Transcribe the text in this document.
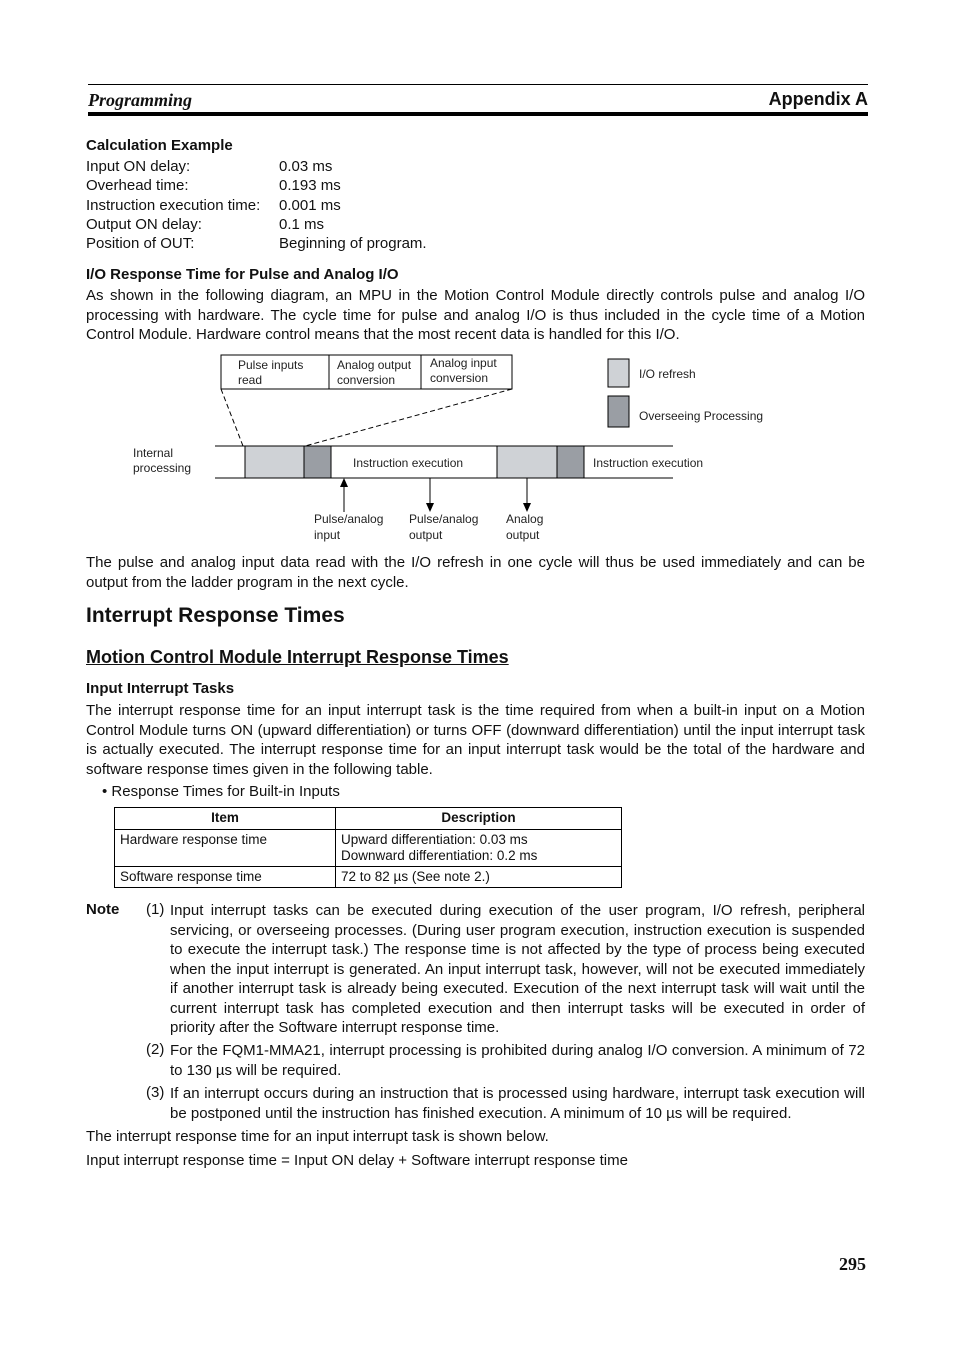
Programming	Appendix A
Calculation Example
Input ON delay:	0.03 ms
Overhead time:	0.193 ms
Instruction execution time: 0.001 ms
Output ON delay:	0.1 ms
Position of OUT:	Beginning of program.
I/O Response Time for Pulse and Analog I/O
As shown in the following diagram, an MPU in the Motion Control Module directly controls pulse and analog I/O processing with hardware. The cycle time for pulse and analog I/O is thus included in the cycle time of a Motion Control Module. Hardware control means that the most recent data is handled for this I/O.
Pulse inputs
read
Analog output
conversion
Analog input
conversion	I/O refresh
Overseeing Processing
Internal
processing	Instruction execution	Instruction execution
Pulse/analog
input
Pulse/analog
output
Analog
output
The pulse and analog input data read with the I/O refresh in one cycle will thus be used immediately and can be output from the ladder program in the next cycle.
Interrupt Response Times
Motion Control Module Interrupt Response Times
Input Interrupt Tasks
The interrupt response time for an input interrupt task is the time required from when a built-in input on a Motion Control Module turns ON (upward differentiation) or turns OFF (downward differentiation) until the input interrupt task is actually executed. The interrupt response time for an input interrupt task would be the total of the hardware and software response times given in the following table.
• Response Times for Built-in Inputs
Item	Description
Hardware response time	Upward differentiation: 0.03 ms
Downward differentiation: 0.2 ms

Software response time	72 to 82 µs (See note 2.)
Note (1) Input interrupt tasks can be executed during execution of the user program, I/O refresh, peripheral servicing, or overseeing processes. (During user program execution, instruction execution is suspended to execute the interrupt task.) The response time is not affected by the type of process being executed when the input interrupt is generated. An input interrupt task, however, will not be executed immediately if another interrupt task is already being executed. Execution of the next interrupt task will wait until the current interrupt task has completed execution and then interrupt tasks will be executed in order of priority after the Software interrupt response time.
(2) For the FQM1-MMA21, interrupt processing is prohibited during analog I/O conversion. A minimum of 72 to 130 µs will be required.
(3) If an interrupt occurs during an instruction that is processed using hardware, interrupt task execution will be postponed until the instruction has finished execution. A minimum of 10 µs will be required.
The interrupt response time for an input interrupt task is shown below.
Input interrupt response time = Input ON delay + Software interrupt response time
295
